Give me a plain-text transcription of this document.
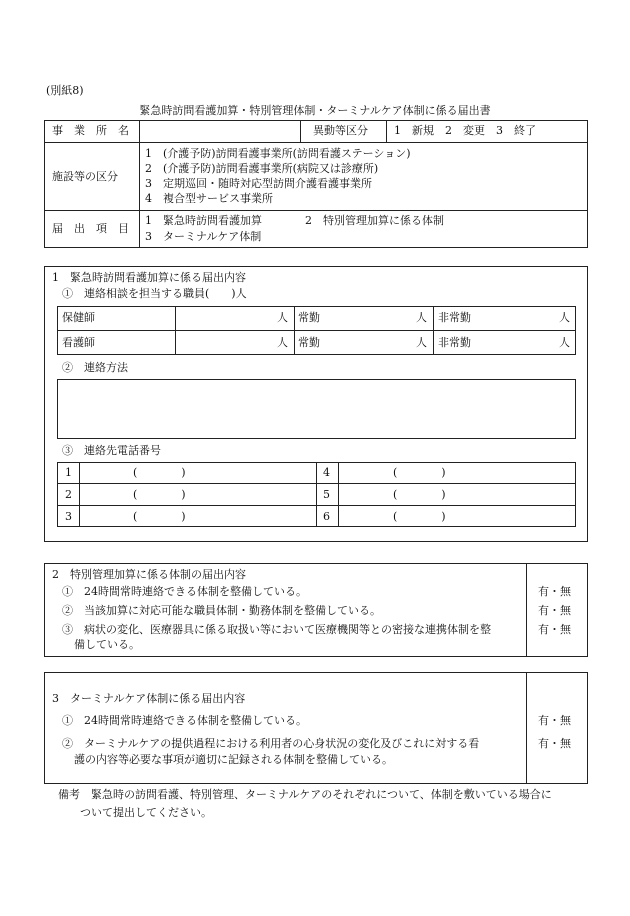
(別紙8)
緊急時訪問看護加算・特別管理体制・ターミナルケア体制に係る届出書
事　業　所　名	異動等区分 1　新規　2　変更　3　終了
施設等の区分
1　(介護予防)訪問看護事業所(訪問看護ステーション)
2　(介護予防)訪問看護事業所(病院又は診療所)
3　定期巡回・随時対応型訪問介護看護事業所
4　複合型サービス事業所
届　出　項　目
1　緊急時訪問看護加算	2　特別管理加算に係る体制
3　ターミナルケア体制
1　緊急時訪問看護加算に係る届出内容
①　連絡相談を担当する職員(　　)人
保健師	人 常勤	人 非常勤	人
看護師	人 常勤	人 非常勤	人
②　連絡方法
③　連絡先電話番号
1	(　　　　)	4	(　　　　)
2	(　　　　)	5	(　　　　)
3	(　　　　)	6	(　　　　)
2　特別管理加算に係る体制の届出内容
①　24時間常時連絡できる体制を整備している。	有・無
②　当該加算に対応可能な職員体制・勤務体制を整備している。	有・無
③　病状の変化、医療器具に係る取扱い等において医療機関等との密接な連携体制を整
備している。
有・無
3　ターミナルケア体制に係る届出内容
①　24時間常時連絡できる体制を整備している。	有・無
②　ターミナルケアの提供過程における利用者の心身状況の変化及びこれに対する看
護の内容等必要な事項が適切に記録される体制を整備している。
有・無
備考　緊急時の訪問看護、特別管理、ターミナルケアのそれぞれについて、体制を敷いている場合に
ついて提出してください。
